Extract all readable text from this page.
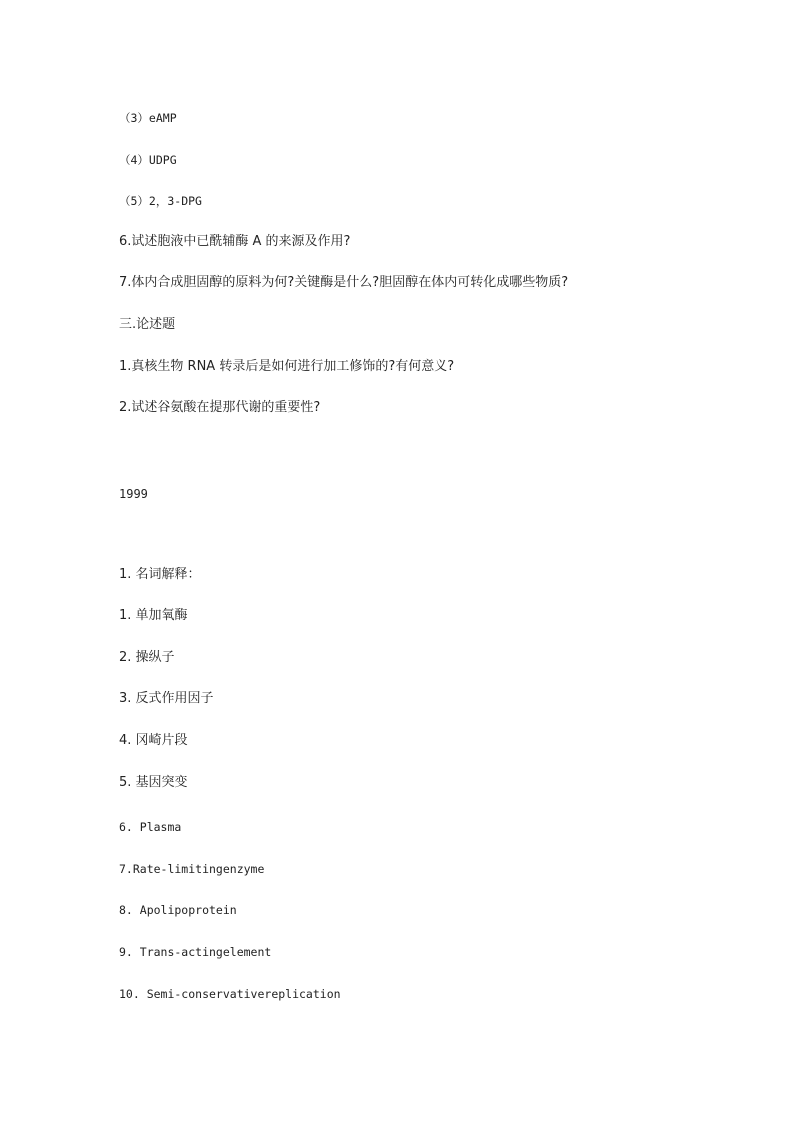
（3）eAMP
（4）UDPG
（5）2，3-DPG
6.试述胞液中已酰辅酶 A 的来源及作用?
7.体内合成胆固醇的原料为何?关键酶是什么?胆固醇在体内可转化成哪些物质?
三.论述题
1.真核生物 RNA 转录后是如何进行加工修饰的?有何意义?
2.试述谷氨酸在提那代谢的重要性?
1999
1. 名词解释：
1. 单加氧酶
2. 操纵子
3. 反式作用因子
4. 冈崎片段
5. 基因突变
6. Plasma
7.Rate-limitingenzyme
8. Apolipoprotein
9. Trans-actingelement
10. Semi-conservativereplication
